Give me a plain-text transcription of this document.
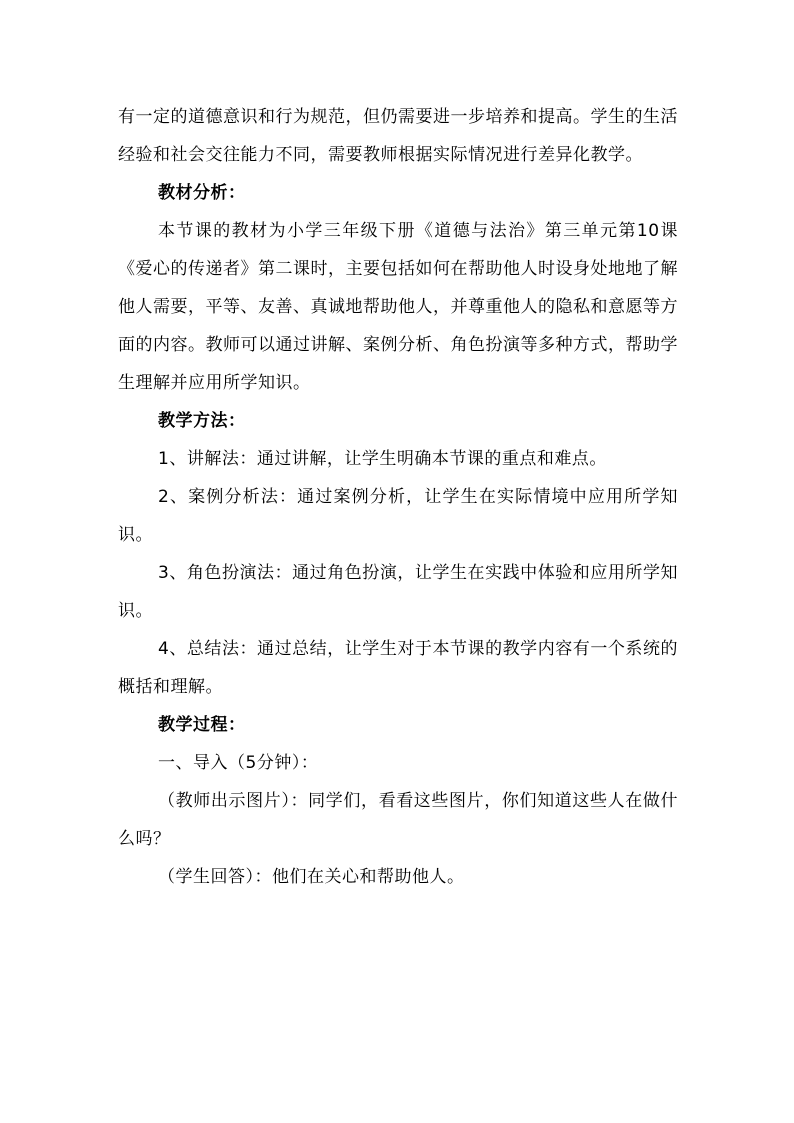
有一定的道德意识和行为规范，但仍需要进一步培养和提高。学生的生活经验和社会交往能力不同，需要教师根据实际情况进行差异化教学。

教材分析：

本节课的教材为小学三年级下册《道德与法治》第三单元第10课《爱心的传递者》第二课时，主要包括如何在帮助他人时设身处地地了解他人需要，平等、友善、真诚地帮助他人，并尊重他人的隐私和意愿等方面的内容。教师可以通过讲解、案例分析、角色扮演等多种方式，帮助学生理解并应用所学知识。

教学方法：

1、讲解法：通过讲解，让学生明确本节课的重点和难点。

2、案例分析法：通过案例分析，让学生在实际情境中应用所学知识。

3、角色扮演法：通过角色扮演，让学生在实践中体验和应用所学知识。

4、总结法：通过总结，让学生对于本节课的教学内容有一个系统的概括和理解。

教学过程：

一、导入（5分钟）：

（教师出示图片）：同学们，看看这些图片，你们知道这些人在做什么吗？

（学生回答）：他们在关心和帮助他人。
